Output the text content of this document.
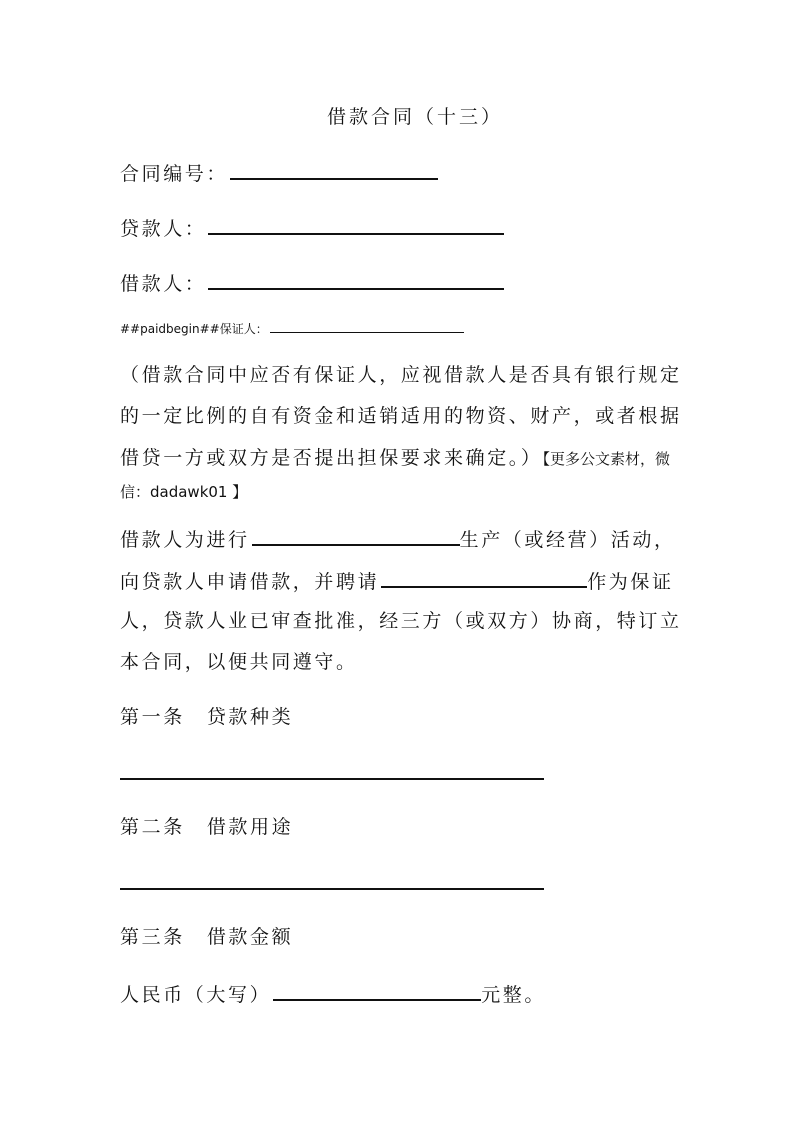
借款合同（十三）
合同编号：
贷款人：
借款人：
##paidbegin##保证人：
（借款合同中应否有保证人，应视借款人是否具有银行规定
的一定比例的自有资金和适销适用的物资、财产，或者根据
借贷一方或双方是否提出担保要求来确定。）【更多公文素材，微
信：dadawk01 】
借款人为进行	生产（或经营）活动，
向贷款人申请借款，并聘请	作为保证
人，贷款人业已审查批准，经三方（或双方）协商，特订立
本合同，以便共同遵守。
第一条 贷款种类
第二条 借款用途
第三条 借款金额
人民币（大写）	元整。
